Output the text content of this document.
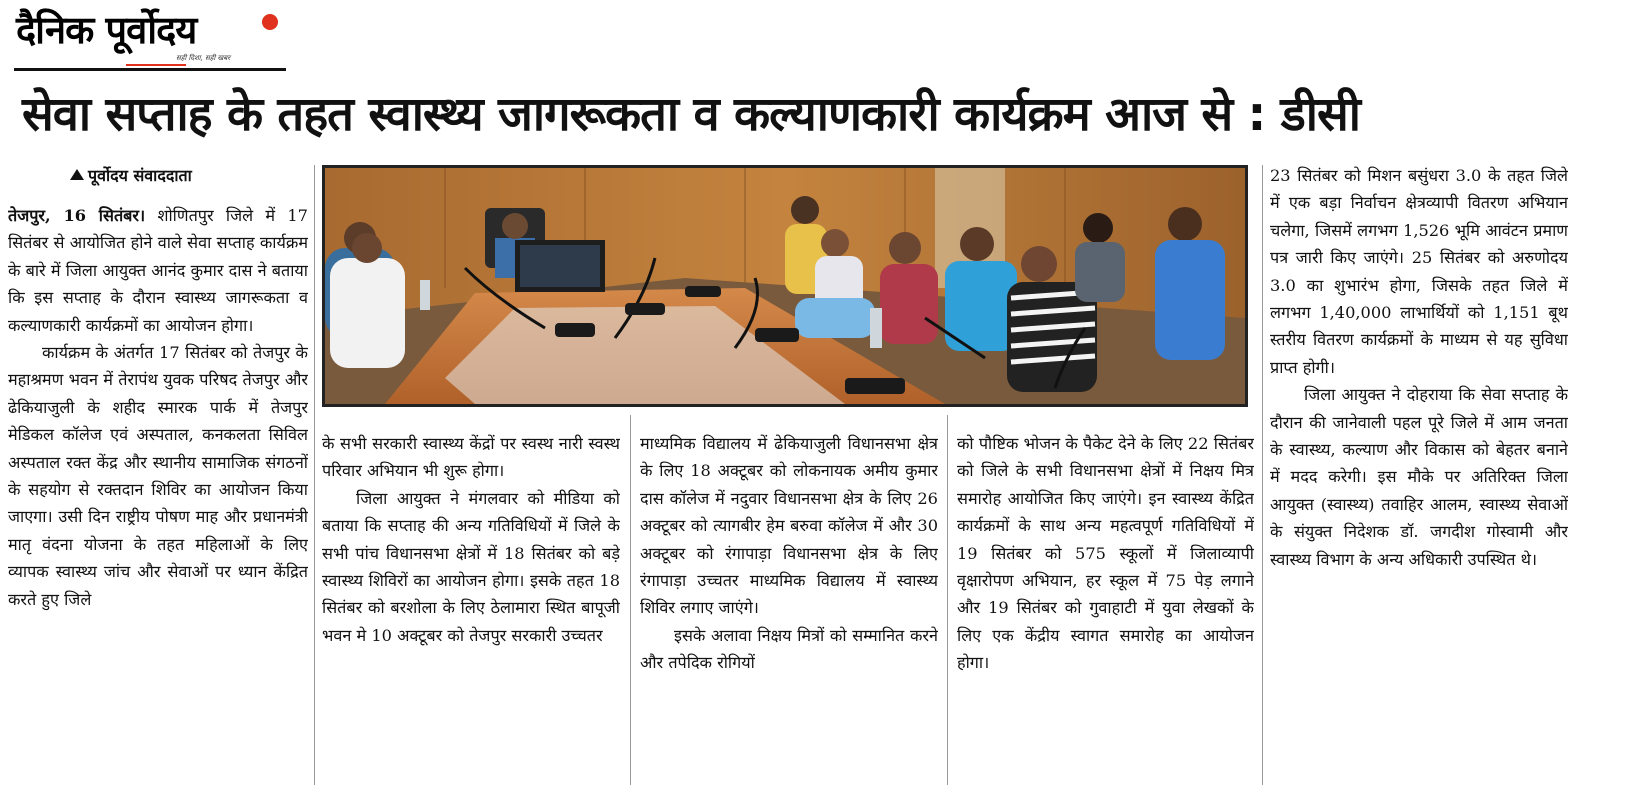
दैनिक पूर्वोदय
सही दिशा, सही खबर
सेवा सप्ताह के तहत स्वास्थ्य जागरूकता व कल्याणकारी कार्यक्रम आज से : डीसी
पूर्वोदय संवाददाता

तेजपुर, 16 सितंबर। शोणितपुर जिले में 17 सितंबर से आयोजित होने वाले सेवा सप्ताह कार्यक्रम के बारे में जिला आयुक्त आनंद कुमार दास ने बताया कि इस सप्ताह के दौरान स्वास्थ्य जागरूकता व कल्याणकारी कार्यक्रमों का आयोजन होगा।

कार्यक्रम के अंतर्गत 17 सितंबर को तेजपुर के महाश्रमण भवन में तेरापंथ युवक परिषद तेजपुर और ढेकियाजुली के शहीद स्मारक पार्क में तेजपुर मेडिकल कॉलेज एवं अस्पताल, कनकलता सिविल अस्पताल रक्त केंद्र और स्थानीय सामाजिक संगठनों के सहयोग से रक्तदान शिविर का आयोजन किया जाएगा। उसी दिन राष्ट्रीय पोषण माह और प्रधानमंत्री मातृ वंदना योजना के तहत महिलाओं के लिए व्यापक स्वास्थ्य जांच और सेवाओं पर ध्यान केंद्रित करते हुए जिले

के सभी सरकारी स्वास्थ्य केंद्रों पर स्वस्थ नारी स्वस्थ परिवार अभियान भी शुरू होगा।

जिला आयुक्त ने मंगलवार को मीडिया को बताया कि सप्ताह की अन्य गतिविधियों में जिले के सभी पांच विधानसभा क्षेत्रों में 18 सितंबर को बड़े स्वास्थ्य शिविरों का आयोजन होगा। इसके तहत 18 सितंबर को बरशोला के लिए ठेलामारा स्थित बापूजी भवन मे 10 अक्टूबर को तेजपुर सरकारी उच्चतर

माध्यमिक विद्यालय में ढेकियाजुली विधानसभा क्षेत्र के लिए 18 अक्टूबर को लोकनायक अमीय कुमार दास कॉलेज में नदुवार विधानसभा क्षेत्र के लिए 26 अक्टूबर को त्यागबीर हेम बरुवा कॉलेज में और 30 अक्टूबर को रंगापाड़ा विधानसभा क्षेत्र के लिए रंगापाड़ा उच्चतर माध्यमिक विद्यालय में स्वास्थ्य शिविर लगाए जाएंगे।

इसके अलावा निक्षय मित्रों को सम्मानित करने और तपेदिक रोगियों

को पौष्टिक भोजन के पैकेट देने के लिए 22 सितंबर को जिले के सभी विधानसभा क्षेत्रों में निक्षय मित्र समारोह आयोजित किए जाएंगे। इन स्वास्थ्य केंद्रित कार्यक्रमों के साथ अन्य महत्वपूर्ण गतिविधियों में 19 सितंबर को 575 स्कूलों में जिलाव्यापी वृक्षारोपण अभियान, हर स्कूल में 75 पेड़ लगाने और 19 सितंबर को गुवाहाटी में युवा लेखकों के लिए एक केंद्रीय स्वागत समारोह का आयोजन होगा।

23 सितंबर को मिशन बसुंधरा 3.0 के तहत जिले में एक बड़ा निर्वाचन क्षेत्रव्यापी वितरण अभियान चलेगा, जिसमें लगभग 1,526 भूमि आवंटन प्रमाण पत्र जारी किए जाएंगे। 25 सितंबर को अरुणोदय 3.0 का शुभारंभ होगा, जिसके तहत जिले में लगभग 1,40,000 लाभार्थियों को 1,151 बूथ स्तरीय वितरण कार्यक्रमों के माध्यम से यह सुविधा प्राप्त होगी।

जिला आयुक्त ने दोहराया कि सेवा सप्ताह के दौरान की जानेवाली पहल पूरे जिले में आम जनता के स्वास्थ्य, कल्याण और विकास को बेहतर बनाने में मदद करेगी। इस मौके पर अतिरिक्त जिला आयुक्त (स्वास्थ्य) तवाहिर आलम, स्वास्थ्य सेवाओं के संयुक्त निदेशक डॉ. जगदीश गोस्वामी और स्वास्थ्य विभाग के अन्य अधिकारी उपस्थित थे।
